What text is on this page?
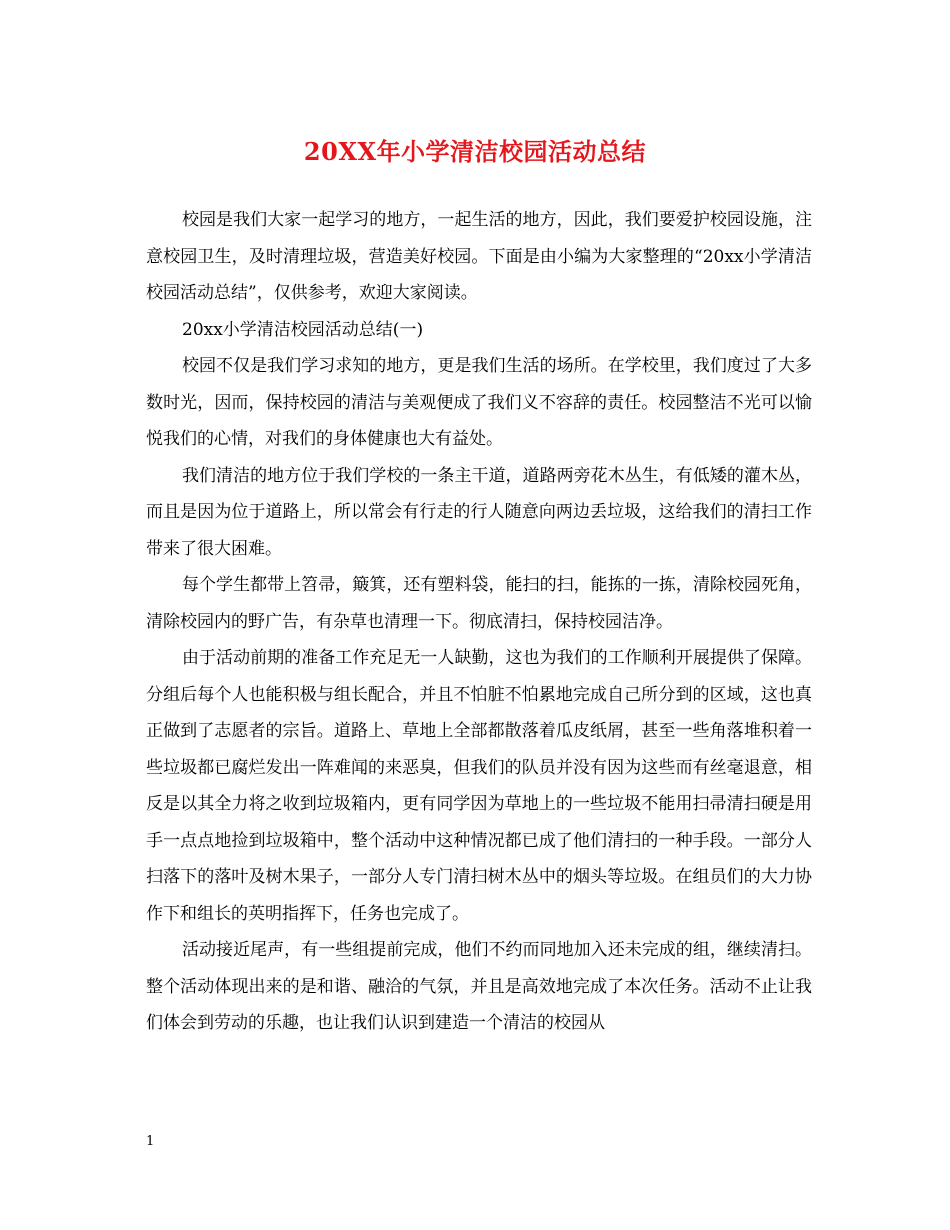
20XX年小学清洁校园活动总结

校园是我们大家一起学习的地方，一起生活的地方，因此，我们要爱护校园设施，注意校园卫生，及时清理垃圾，营造美好校园。下面是由小编为大家整理的“20xx小学清洁校园活动总结”，仅供参考，欢迎大家阅读。

20xx小学清洁校园活动总结(一)

校园不仅是我们学习求知的地方，更是我们生活的场所。在学校里，我们度过了大多数时光，因而，保持校园的清洁与美观便成了我们义不容辞的责任。校园整洁不光可以愉悦我们的心情，对我们的身体健康也大有益处。

我们清洁的地方位于我们学校的一条主干道，道路两旁花木丛生，有低矮的灌木丛，而且是因为位于道路上，所以常会有行走的行人随意向两边丢垃圾，这给我们的清扫工作带来了很大困难。

每个学生都带上笤帚，簸箕，还有塑料袋，能扫的扫，能拣的一拣，清除校园死角，清除校园内的野广告，有杂草也清理一下。彻底清扫，保持校园洁净。

由于活动前期的准备工作充足无一人缺勤，这也为我们的工作顺利开展提供了保障。分组后每个人也能积极与组长配合，并且不怕脏不怕累地完成自己所分到的区域，这也真正做到了志愿者的宗旨。道路上、草地上全部都散落着瓜皮纸屑，甚至一些角落堆积着一些垃圾都已腐烂发出一阵难闻的来恶臭，但我们的队员并没有因为这些而有丝毫退意，相反是以其全力将之收到垃圾箱内，更有同学因为草地上的一些垃圾不能用扫帚清扫硬是用手一点点地捡到垃圾箱中，整个活动中这种情况都已成了他们清扫的一种手段。一部分人扫落下的落叶及树木果子，一部分人专门清扫树木丛中的烟头等垃圾。在组员们的大力协作下和组长的英明指挥下，任务也完成了。

活动接近尾声，有一些组提前完成，他们不约而同地加入还未完成的组，继续清扫。整个活动体现出来的是和谐、融洽的气氛，并且是高效地完成了本次任务。活动不止让我们体会到劳动的乐趣，也让我们认识到建造一个清洁的校园从

1
